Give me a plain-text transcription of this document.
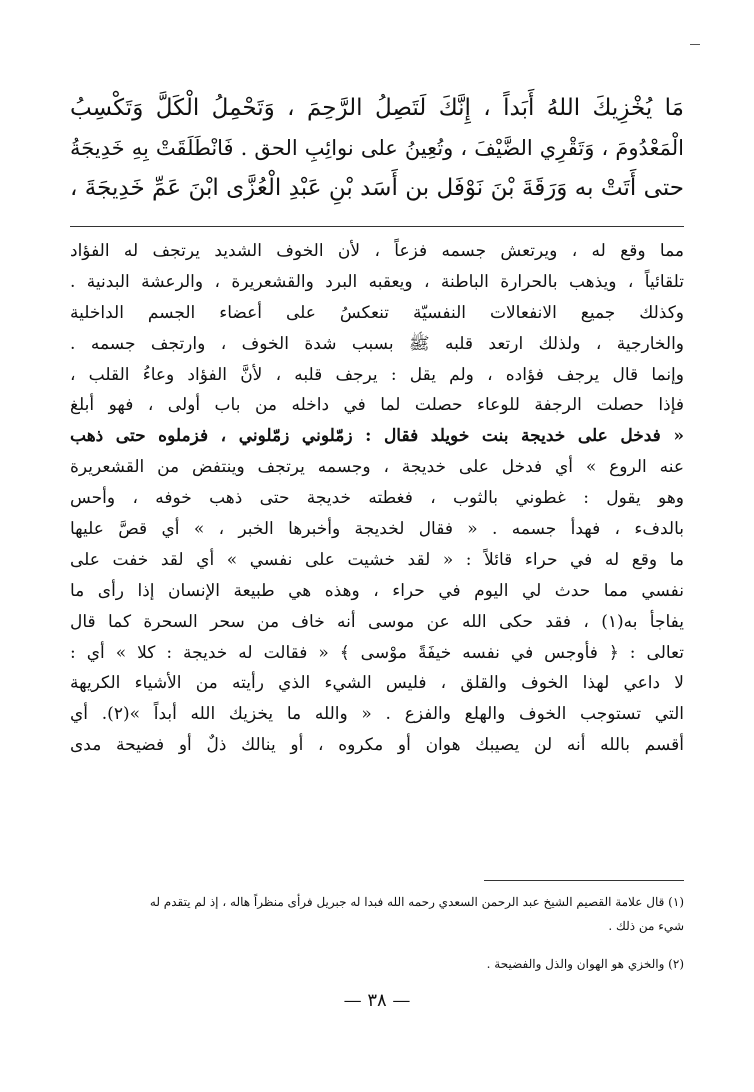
مَا يُخْزِيكَ اللهُ أَبَداً ، إِنَّكَ لَتَصِلُ الرَّحِمَ ، وَتَحْمِلُ الْكَلَّ وَتَكْسِبُ
الْمَعْدُومَ ، وَتَقْرِي الضَّيْفَ ، وتُعِينُ على نوائِبِ الحق . فَانْطَلَقَتْ بِهِ خَدِيجَةُ
حتى أَتَتْ به وَرَقَةَ بْنَ نَوْفَل بن أَسَد بْنِ عَبْدِ الْعُزَّى ابْنَ عَمِّ خَدِيجَةَ ،
مما وقع له ، ويرتعش جسمه فزعاً ، لأن الخوف الشديد يرتجف له الفؤاد
تلقائياً ، ويذهب بالحرارة الباطنة ، ويعقبه البرد والقشعريرة ، والرعشة البدنية .
وكذلك جميع الانفعالات النفسيّة تنعكسُ على أعضاء الجسم الداخلية
والخارجية ، ولذلك ارتعد قلبه ﷺ بسبب شدة الخوف ، وارتجف جسمه .
وإنما قال يرجف فؤاده ، ولم يقل : يرجف قلبه ، لأنَّ الفؤاد وعاءُ القلب ،
فإذا حصلت الرجفة للوعاء حصلت لما في داخله من باب أولى ، فهو أبلغ
« فدخل على خديجة بنت خويلد فقال : زمّلوني زمّلوني ، فزملوه حتى ذهب
عنه الروع » أي فدخل على خديجة ، وجسمه يرتجف وينتفض من القشعريرة
وهو يقول : غطوني بالثوب ، فغطته خديجة حتى ذهب خوفه ، وأحس
بالدفء ، فهدأ جسمه . « فقال لخديجة وأخبرها الخبر ، » أي قصَّ عليها
ما وقع له في حراء قائلاً : « لقد خشيت على نفسي » أي لقد خفت على
نفسي مما حدث لي اليوم في حراء ، وهذه هي طبيعة الإنسان إذا رأى ما
يفاجأ به(١) ، فقد حكى الله عن موسى أنه خاف من سحر السحرة كما قال
تعالى : ﴿ فأوجس في نفسه خيفَةً موْسى ﴾ « فقالت له خديجة : كلا » أي :
لا داعي لهذا الخوف والقلق ، فليس الشيء الذي رأيته من الأشياء الكريهة
التي تستوجب الخوف والهلع والفزع . « والله ما يخزيك الله أبداً »(٢). أي
أقسم بالله أنه لن يصيبك هوان أو مكروه ، أو ينالك ذلٌ أو فضيحة مدى
(١) قال علامة القصيم الشيخ عبد الرحمن السعدي رحمه الله فبدا له جبريل فرأى منظراً هاله ، إذ لم يتقدم له
شيء من ذلك .
(٢) والخزي هو الهوان والذل والفضيحة .
— ٣٨ —
